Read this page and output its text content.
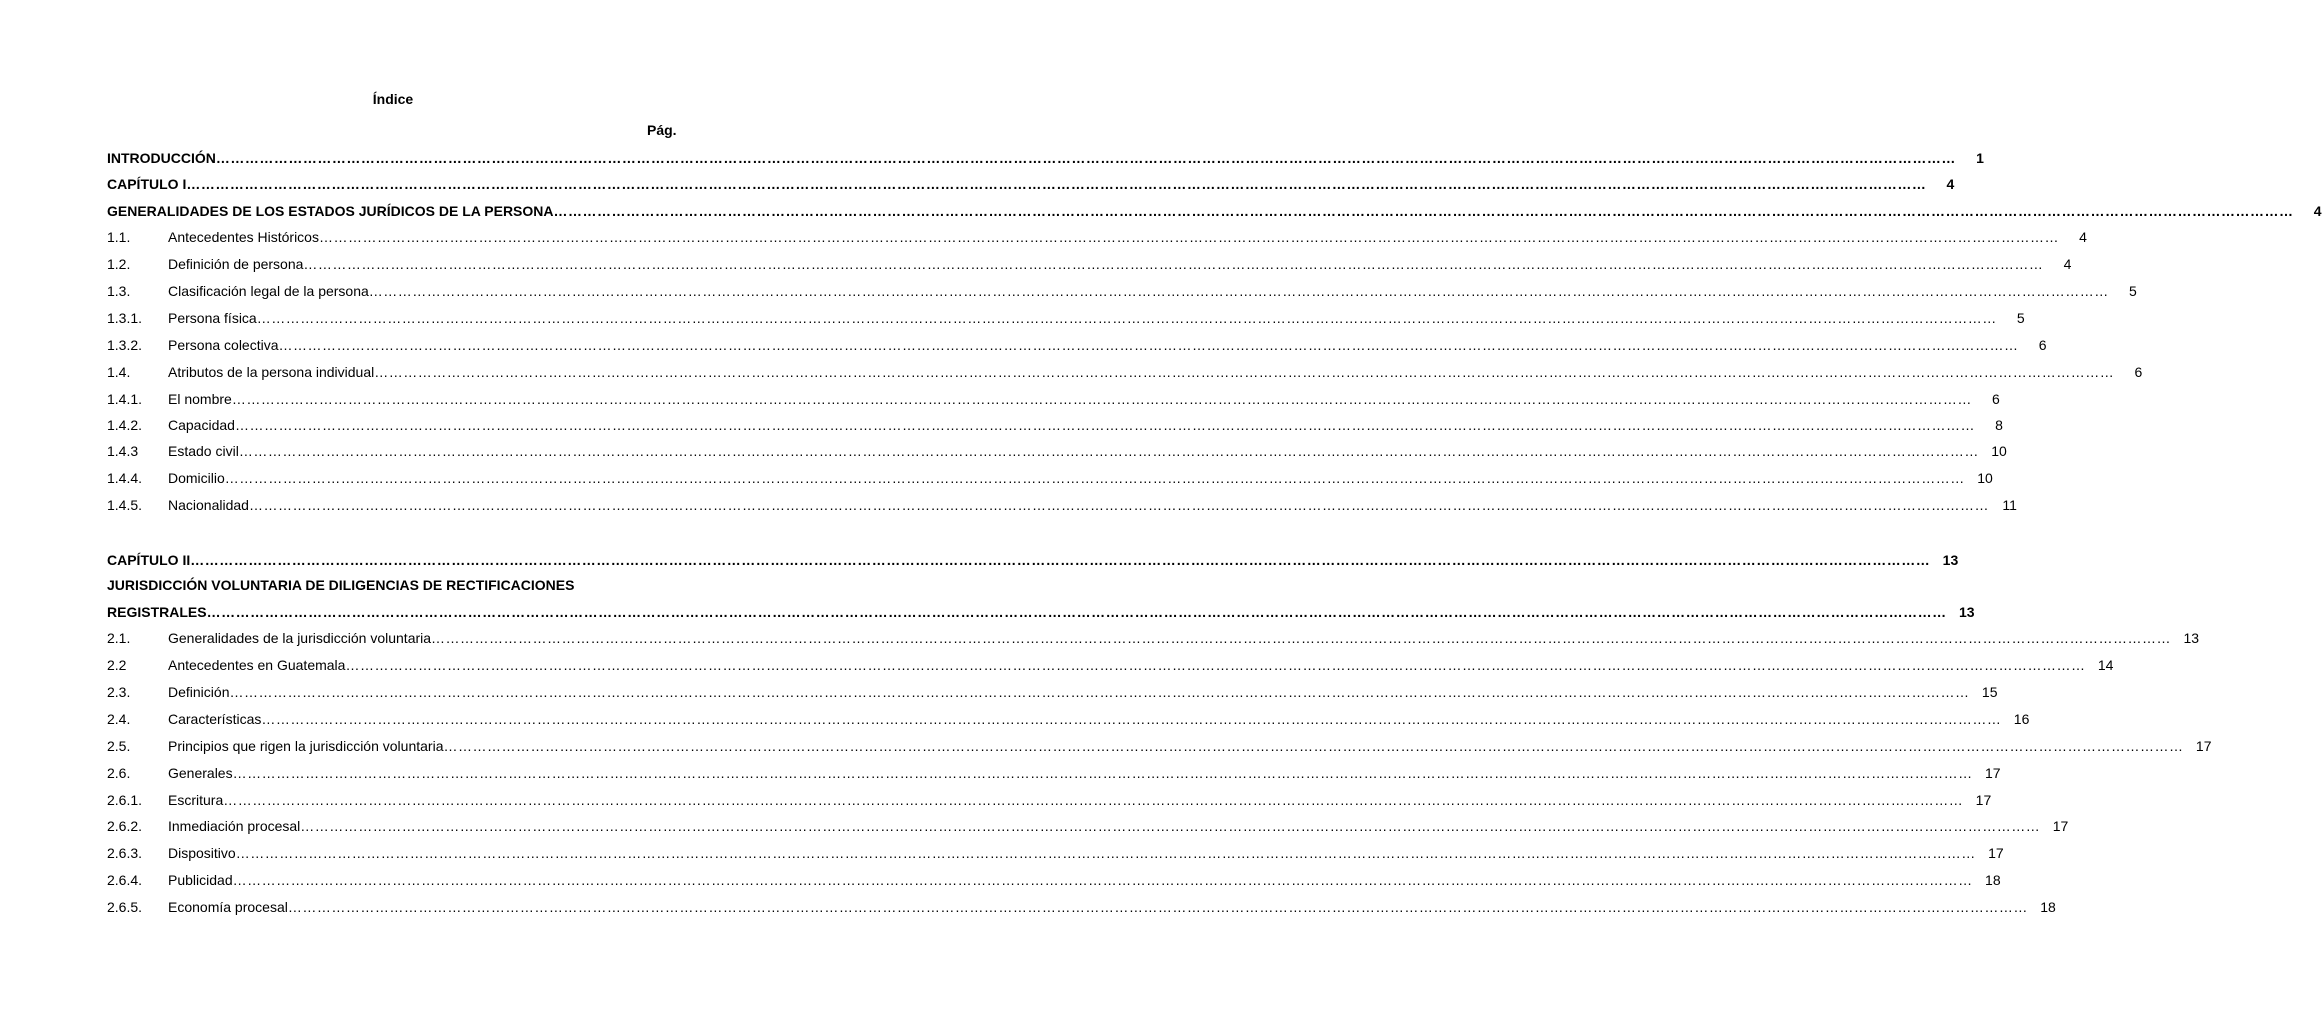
Índice
Pág.
INTRODUCCIÓN ………………………………………………………………………………………………………………………………………………………………………………………………………………………………………………………………………………………………………………………………	1
CAPÍTULO I ………………………………………………………………………………………………………………………………………………………………………………………………………………………………………………………………………………………………………………………………	4
GENERALIDADES DE LOS ESTADOS JURÍDICOS DE LA PERSONA ………………………………………………………………………………………………………………………………………………………………………………………………………………………………………………………………………………………………………………………………	4
1.1.	Antecedentes Históricos ………………………………………………………………………………………………………………………………………………………………………………………………………………………………………………………………………………………………………………………………	4
1.2.	Definición de persona ………………………………………………………………………………………………………………………………………………………………………………………………………………………………………………………………………………………………………………………………	4
1.3.	Clasificación legal de la persona ………………………………………………………………………………………………………………………………………………………………………………………………………………………………………………………………………………………………………………………………	5
1.3.1.	Persona física ………………………………………………………………………………………………………………………………………………………………………………………………………………………………………………………………………………………………………………………………	5
1.3.2.	Persona colectiva ………………………………………………………………………………………………………………………………………………………………………………………………………………………………………………………………………………………………………………………………	6
1.4.	Atributos de la persona individual ………………………………………………………………………………………………………………………………………………………………………………………………………………………………………………………………………………………………………………………………	6
1.4.1.	El nombre ………………………………………………………………………………………………………………………………………………………………………………………………………………………………………………………………………………………………………………………………	6
1.4.2.	Capacidad ………………………………………………………………………………………………………………………………………………………………………………………………………………………………………………………………………………………………………………………………	8
1.4.3	Estado civil ……………………………………………………………………………………………………………………………………………………………………………………………………………………………………………………………………………………………………………………………… 10
1.4.4.	Domicilio ……………………………………………………………………………………………………………………………………………………………………………………………………………………………………………………………………………………………………………………………… 10
1.4.5.	Nacionalidad ……………………………………………………………………………………………………………………………………………………………………………………………………………………………………………………………………………………………………………………………… 11
CAPÍTULO II ……………………………………………………………………………………………………………………………………………………………………………………………………………………………………………………………………………………………………………………………… 13
JURISDICCIÓN VOLUNTARIA DE DILIGENCIAS DE RECTIFICACIONES
REGISTRALES ……………………………………………………………………………………………………………………………………………………………………………………………………………………………………………………………………………………………………………………………… 13
2.1.	Generalidades de la jurisdicción voluntaria ……………………………………………………………………………………………………………………………………………………………………………………………………………………………………………………………………………………………………………………………… 13
2.2	Antecedentes en Guatemala ……………………………………………………………………………………………………………………………………………………………………………………………………………………………………………………………………………………………………………………………… 14
2.3.	Definición ……………………………………………………………………………………………………………………………………………………………………………………………………………………………………………………………………………………………………………………………… 15
2.4.	Características ……………………………………………………………………………………………………………………………………………………………………………………………………………………………………………………………………………………………………………………………… 16
2.5.	Principios que rigen la jurisdicción voluntaria ……………………………………………………………………………………………………………………………………………………………………………………………………………………………………………………………………………………………………………………………… 17
2.6.	Generales ……………………………………………………………………………………………………………………………………………………………………………………………………………………………………………………………………………………………………………………………… 17
2.6.1.	Escritura ……………………………………………………………………………………………………………………………………………………………………………………………………………………………………………………………………………………………………………………………… 17
2.6.2.	Inmediación procesal ……………………………………………………………………………………………………………………………………………………………………………………………………………………………………………………………………………………………………………………………… 17
2.6.3.	Dispositivo ……………………………………………………………………………………………………………………………………………………………………………………………………………………………………………………………………………………………………………………………… 17
2.6.4.	Publicidad ……………………………………………………………………………………………………………………………………………………………………………………………………………………………………………………………………………………………………………………………… 18
2.6.5.	Economía procesal ……………………………………………………………………………………………………………………………………………………………………………………………………………………………………………………………………………………………………………………………… 18
